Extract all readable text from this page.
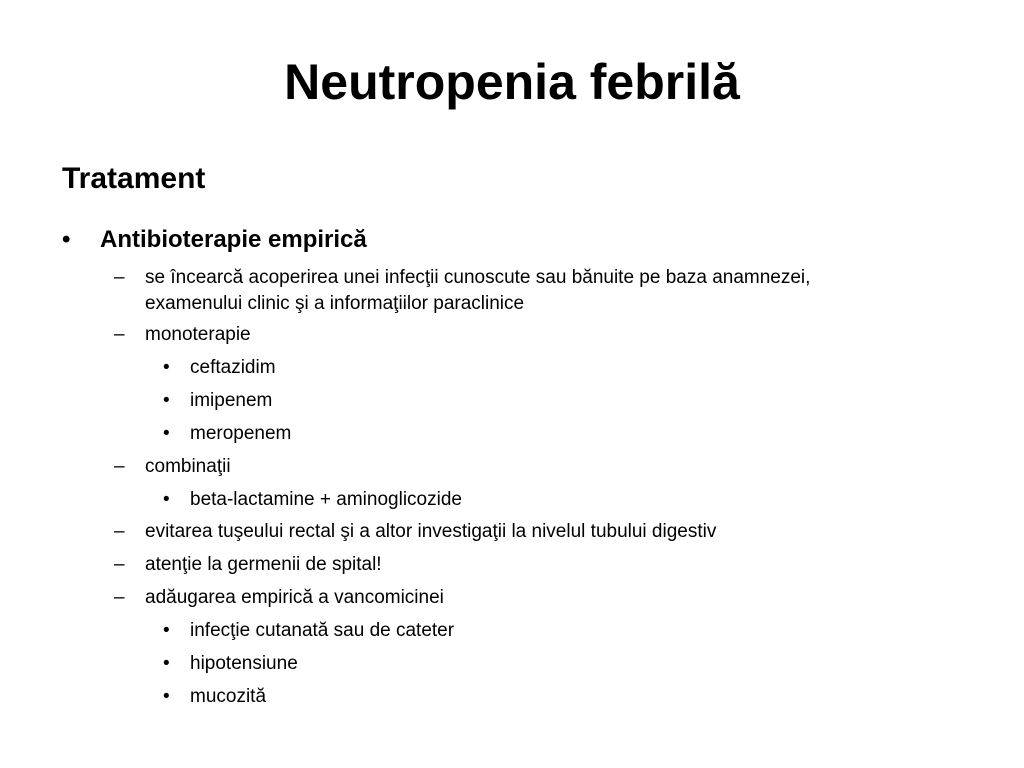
Neutropenia febrilă
Tratament
• Antibioterapie empirică
– se încearcă acoperirea unei infecţii cunoscute sau bănuite pe baza anamnezei,
examenului clinic şi a informaţiilor paraclinice
– monoterapie
• ceftazidim
• imipenem
• meropenem
– combinaţii
• beta-lactamine + aminoglicozide
– evitarea tuşeului rectal şi a altor investigaţii la nivelul tubului digestiv
– atenţie la germenii de spital!
– adăugarea empirică a vancomicinei
• infecţie cutanată sau de cateter
• hipotensiune
• mucozită
